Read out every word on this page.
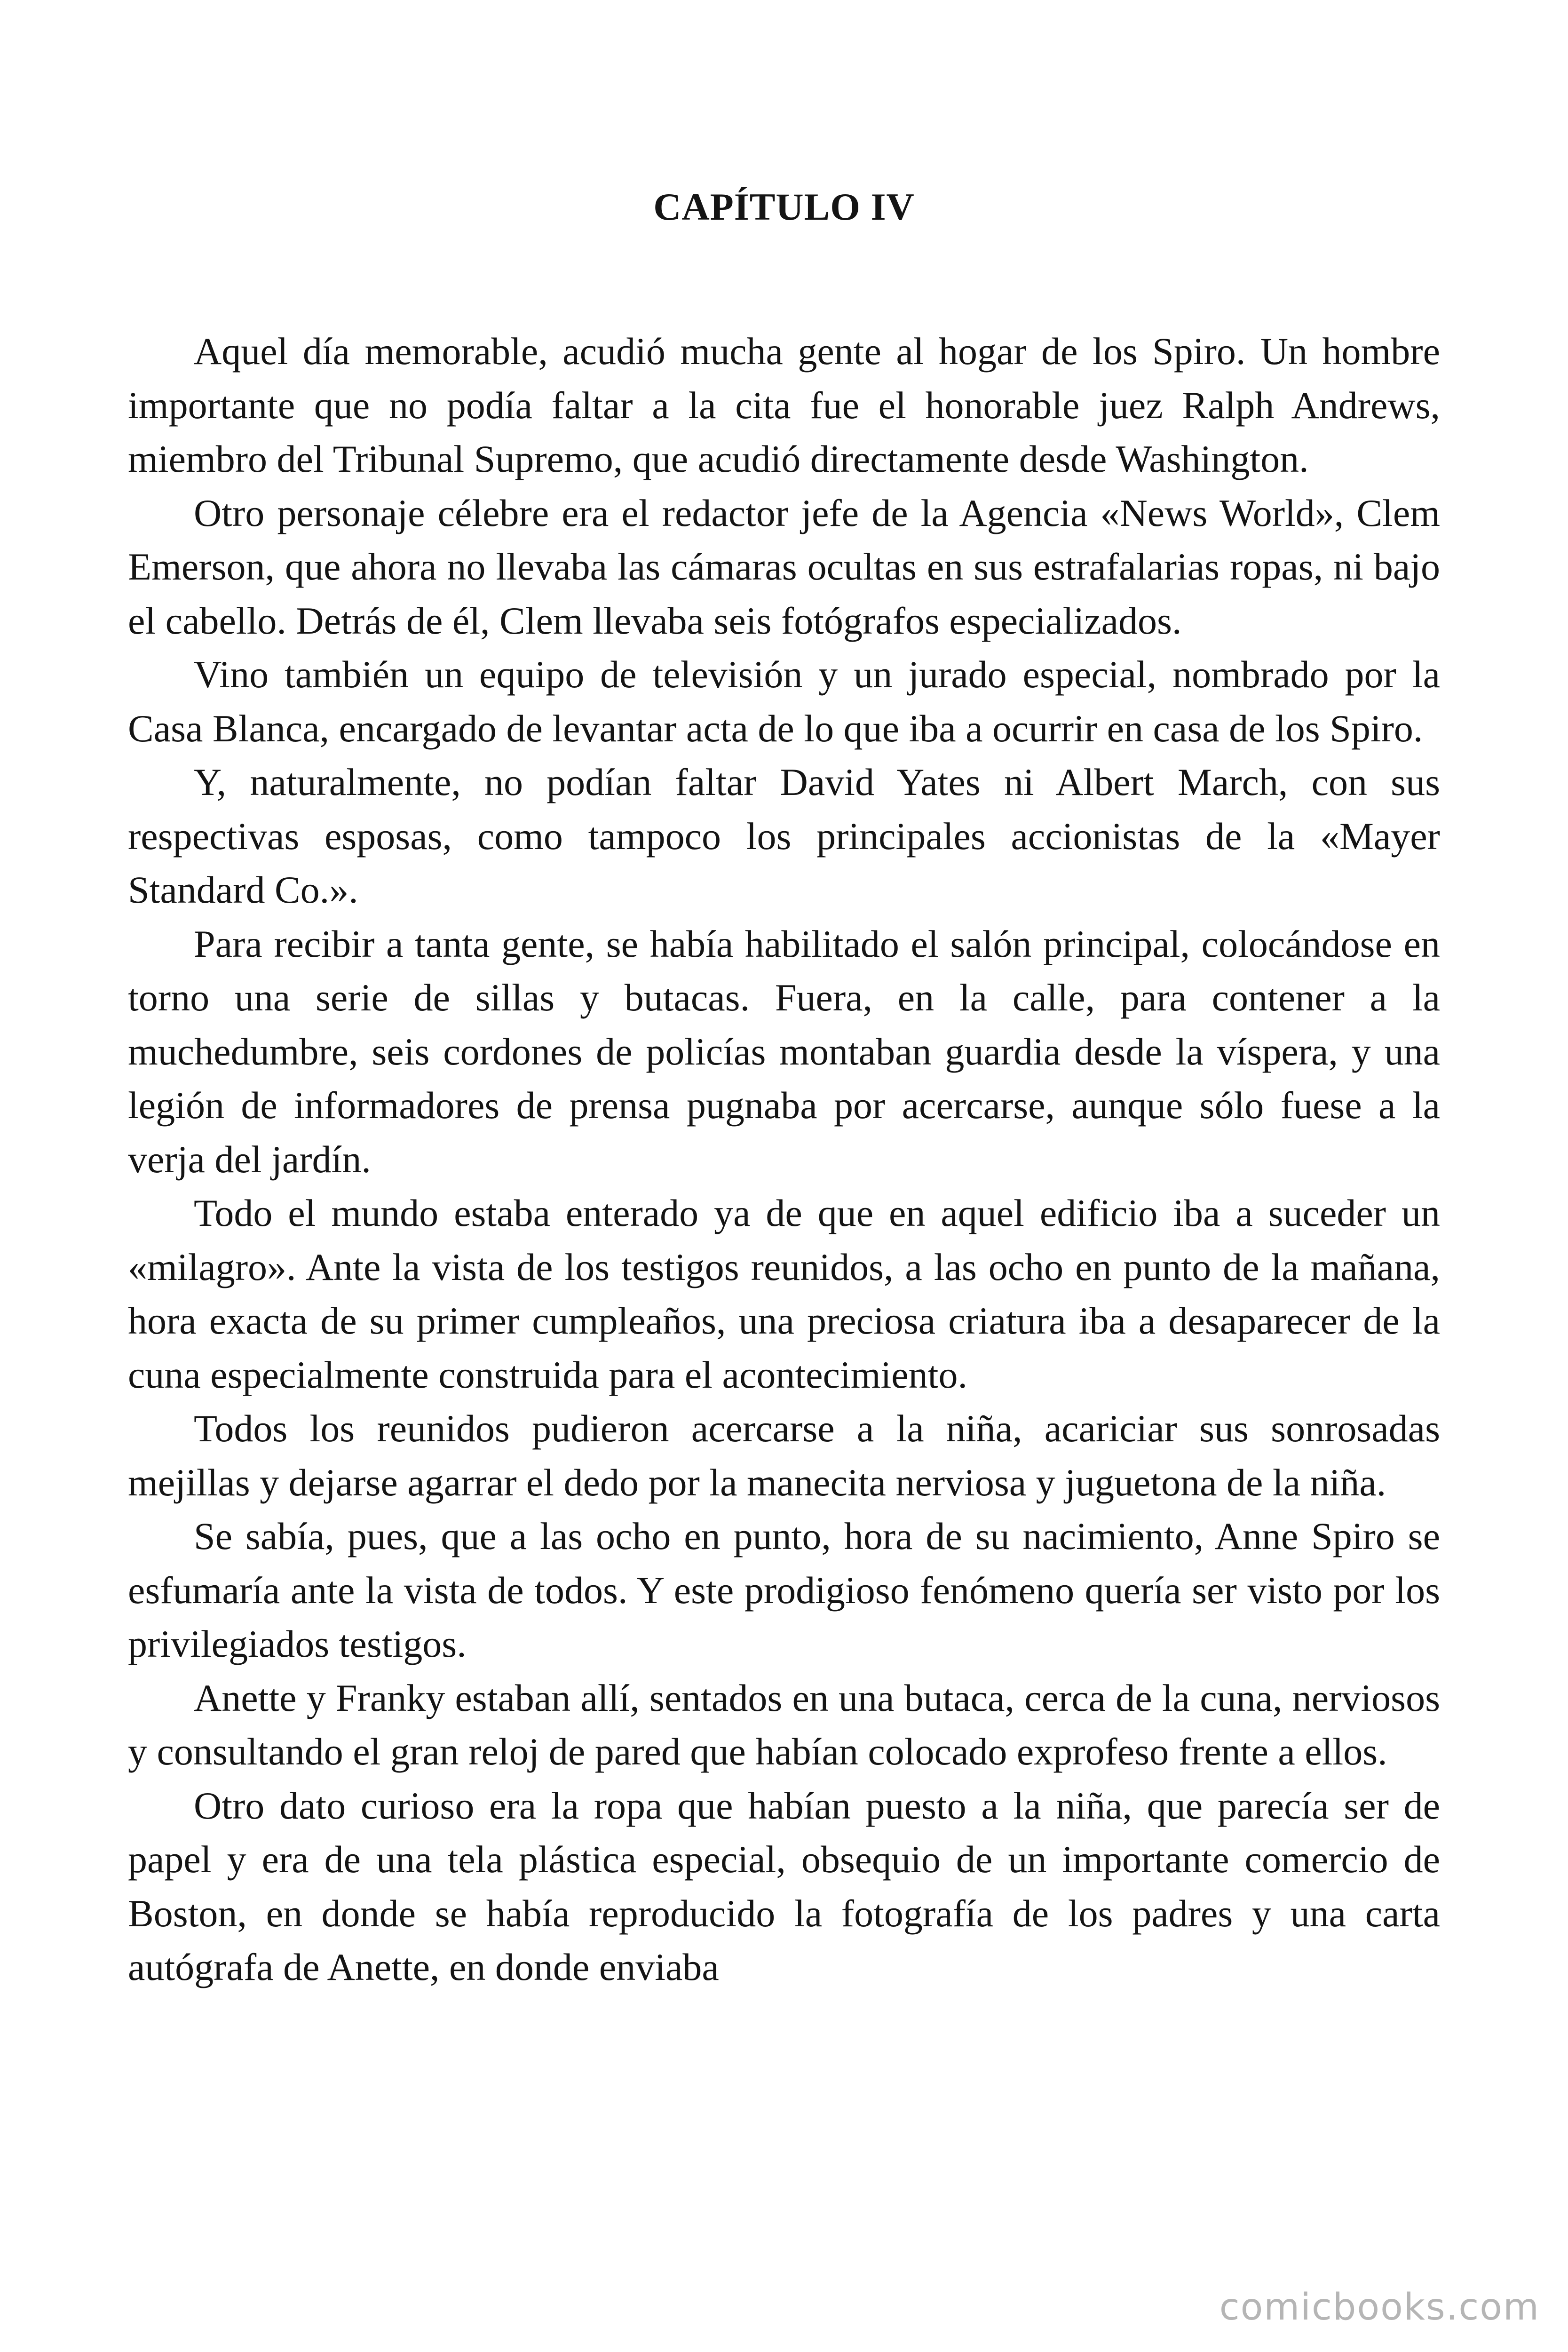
CAPÍTULO IV

Aquel día memorable, acudió mucha gente al hogar de los Spiro. Un hombre importante que no podía faltar a la cita fue el honorable juez Ralph Andrews, miembro del Tribunal Supremo, que acudió directamente desde Washington.

Otro personaje célebre era el redactor jefe de la Agencia «News World», Clem Emerson, que ahora no llevaba las cámaras ocultas en sus estrafalarias ropas, ni bajo el cabello. Detrás de él, Clem llevaba seis fotógrafos especializados.

Vino también un equipo de televisión y un jurado especial, nombrado por la Casa Blanca, encargado de levantar acta de lo que iba a ocurrir en casa de los Spiro.

Y, naturalmente, no podían faltar David Yates ni Albert March, con sus respectivas esposas, como tampoco los principales accionistas de la «Mayer Standard Co.».

Para recibir a tanta gente, se había habilitado el salón principal, colocándose en torno una serie de sillas y butacas. Fuera, en la calle, para contener a la muchedumbre, seis cordones de policías montaban guardia desde la víspera, y una legión de informadores de prensa pugnaba por acercarse, aunque sólo fuese a la verja del jardín.

Todo el mundo estaba enterado ya de que en aquel edificio iba a suceder un «milagro». Ante la vista de los testigos reunidos, a las ocho en punto de la mañana, hora exacta de su primer cumpleaños, una preciosa criatura iba a desaparecer de la cuna especialmente construida para el acontecimiento.

Todos los reunidos pudieron acercarse a la niña, acariciar sus sonrosadas mejillas y dejarse agarrar el dedo por la manecita nerviosa y juguetona de la niña.

Se sabía, pues, que a las ocho en punto, hora de su nacimiento, Anne Spiro se esfumaría ante la vista de todos. Y este prodigioso fenómeno quería ser visto por los privilegiados testigos.

Anette y Franky estaban allí, sentados en una butaca, cerca de la cuna, nerviosos y consultando el gran reloj de pared que habían colocado exprofeso frente a ellos.

Otro dato curioso era la ropa que habían puesto a la niña, que parecía ser de papel y era de una tela plástica especial, obsequio de un importante comercio de Boston, en donde se había reproducido la fotografía de los padres y una carta autógrafa de Anette, en donde enviaba

comicbooks.com
